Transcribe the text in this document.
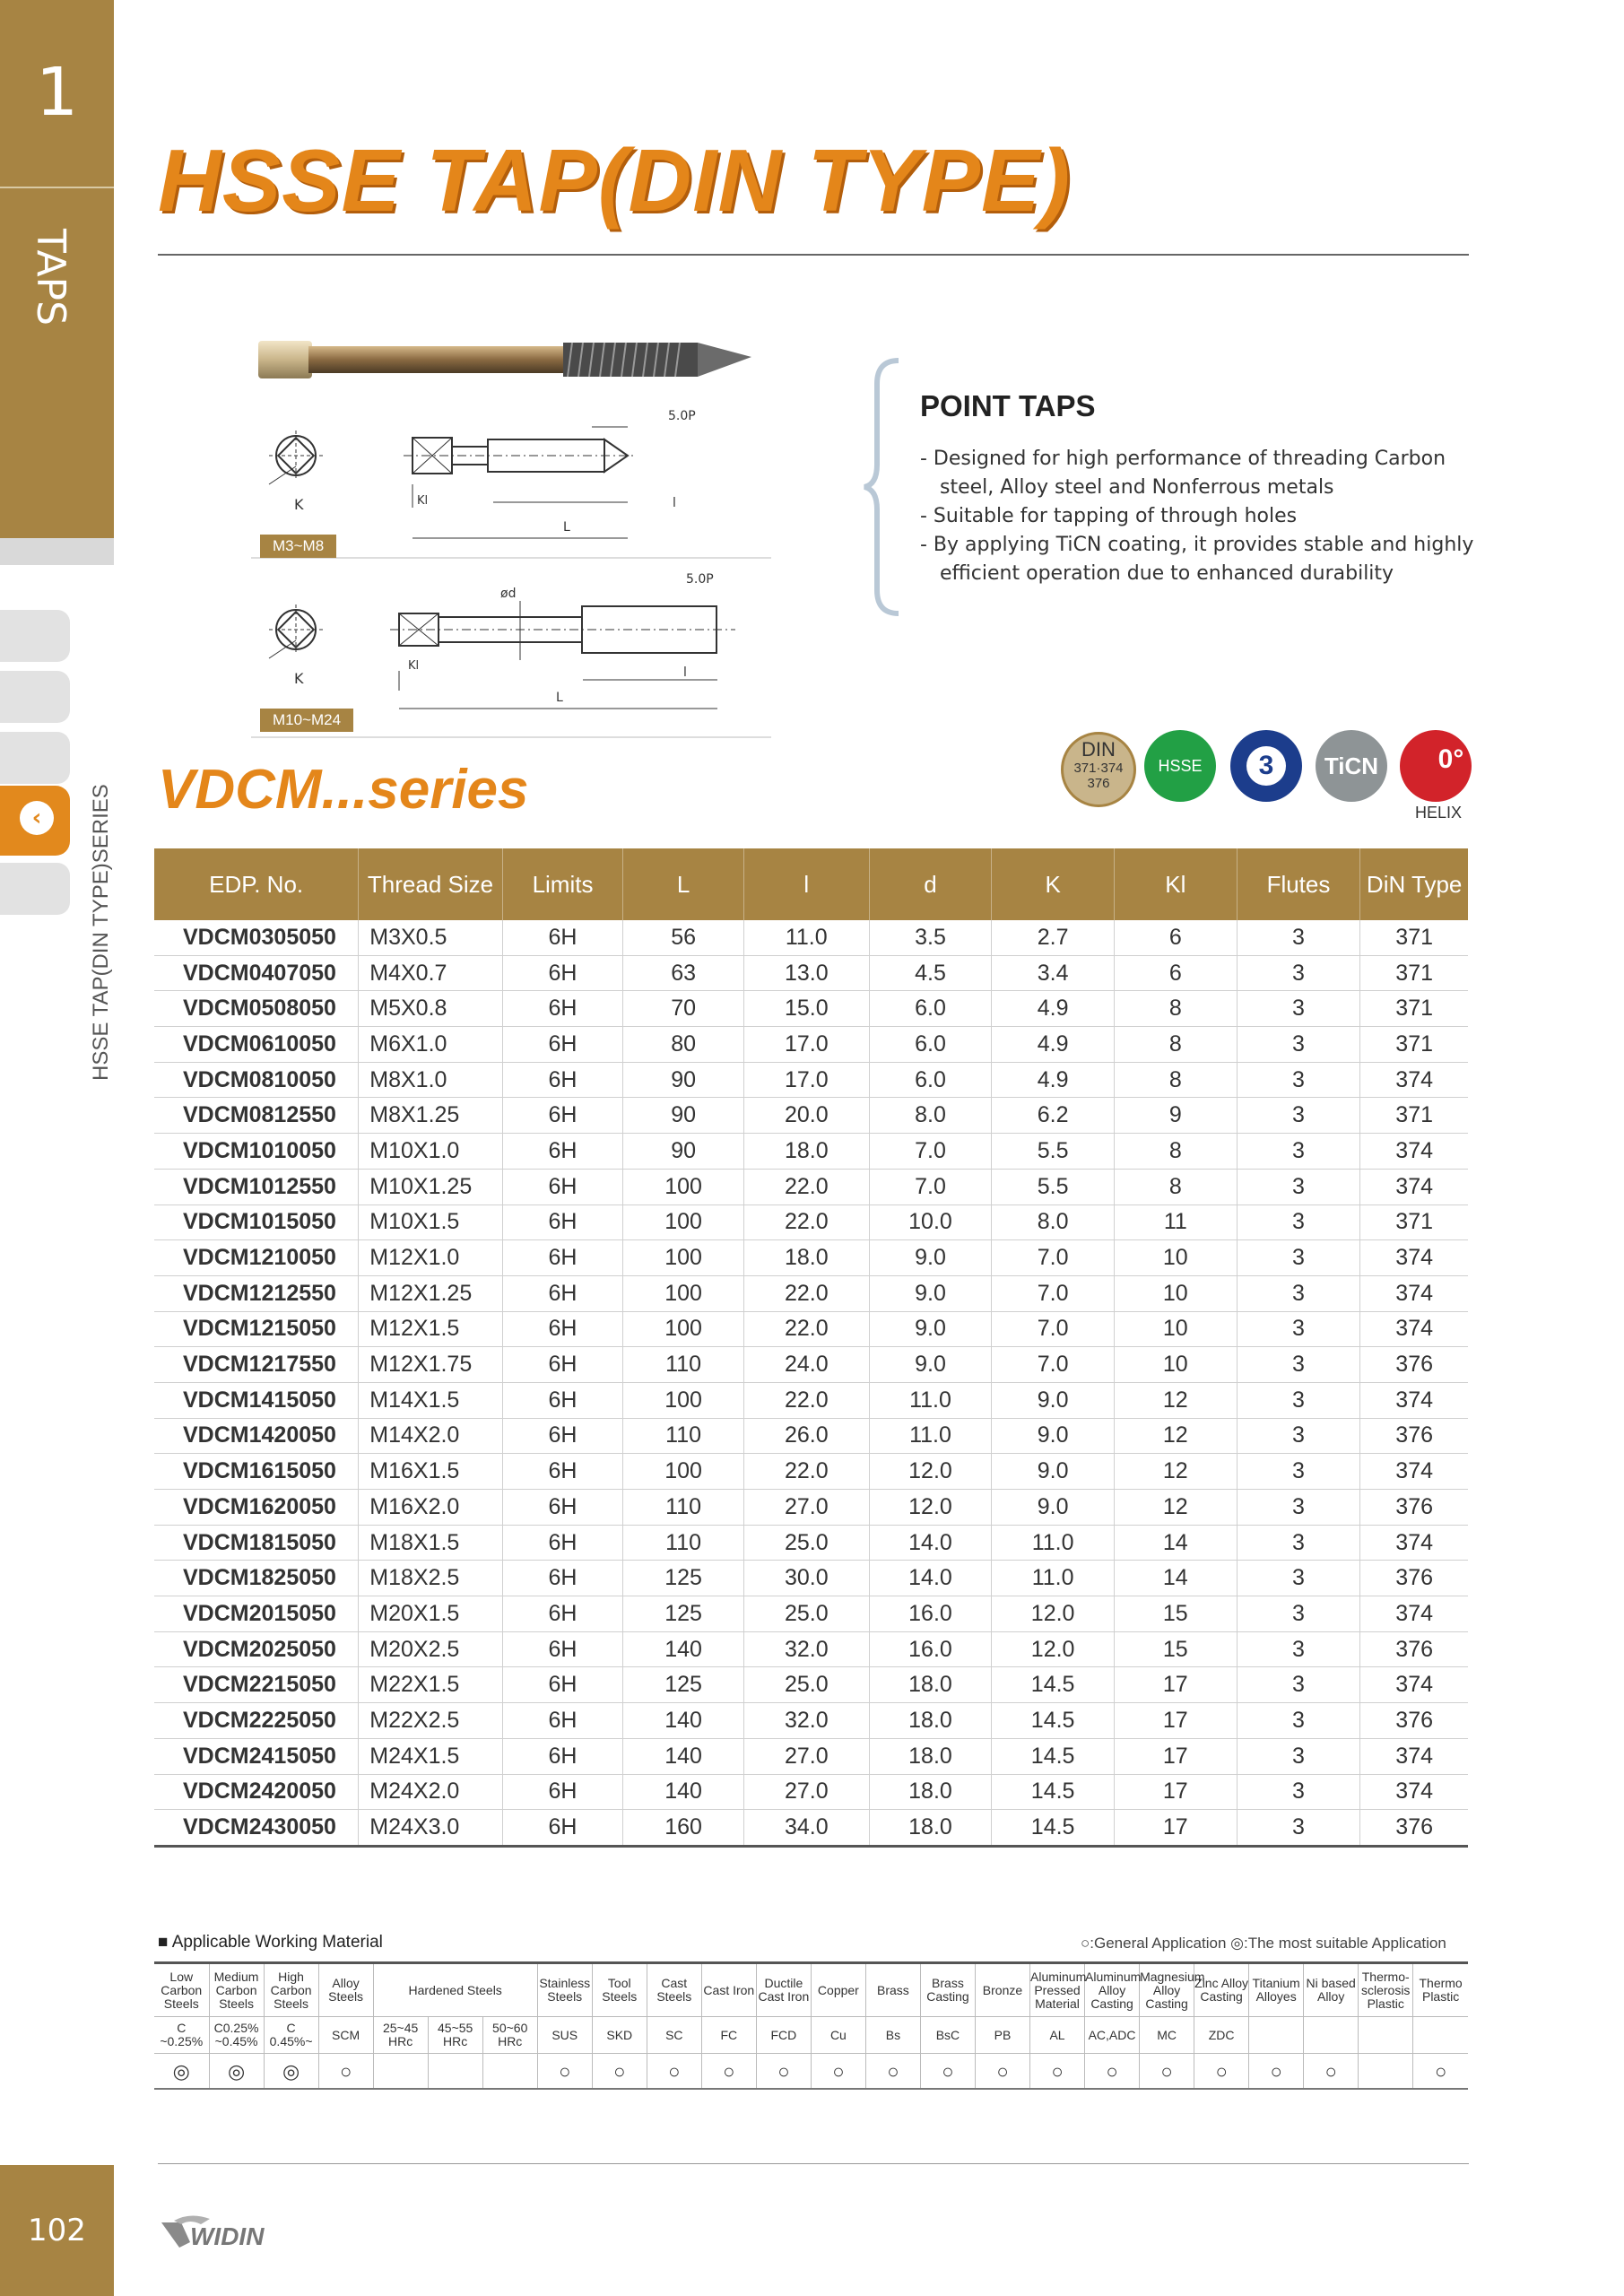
1
TAPS
‹	HSSE TAP(DIN TYPE)SERIES
102
HSSE TAP(DIN TYPE)
K
5.0P
Kl	l
L
M3~M8
K
ød
5.0P
Kl	l
L
M10~M24
POINT TAPS
- Designed for high performance of threading Carbon steel, Alloy steel and Nonferrous metals
- Suitable for tapping of through holes
- By applying TiCN coating, it provides stable and highly efficient operation due to enhanced durability
DIN
371·374
376
HSSE	3	TiCN	0°
HELIX
VDCM...series
EDP. No.	Thread Size	Limits	L	l	d	K	Kl	Flutes	DiN Type
VDCM0305050	M3X0.5	6H	56	11.0	3.5	2.7	6	3	371
VDCM0407050	M4X0.7	6H	63	13.0	4.5	3.4	6	3	371
VDCM0508050	M5X0.8	6H	70	15.0	6.0	4.9	8	3	371
VDCM0610050	M6X1.0	6H	80	17.0	6.0	4.9	8	3	371
VDCM0810050	M8X1.0	6H	90	17.0	6.0	4.9	8	3	374
VDCM0812550	M8X1.25	6H	90	20.0	8.0	6.2	9	3	371
VDCM1010050	M10X1.0	6H	90	18.0	7.0	5.5	8	3	374
VDCM1012550	M10X1.25	6H	100	22.0	7.0	5.5	8	3	374
VDCM1015050	M10X1.5	6H	100	22.0	10.0	8.0	11	3	371
VDCM1210050	M12X1.0	6H	100	18.0	9.0	7.0	10	3	374
VDCM1212550	M12X1.25	6H	100	22.0	9.0	7.0	10	3	374
VDCM1215050	M12X1.5	6H	100	22.0	9.0	7.0	10	3	374
VDCM1217550	M12X1.75	6H	110	24.0	9.0	7.0	10	3	376
VDCM1415050	M14X1.5	6H	100	22.0	11.0	9.0	12	3	374
VDCM1420050	M14X2.0	6H	110	26.0	11.0	9.0	12	3	376
VDCM1615050	M16X1.5	6H	100	22.0	12.0	9.0	12	3	374
VDCM1620050	M16X2.0	6H	110	27.0	12.0	9.0	12	3	376
VDCM1815050	M18X1.5	6H	110	25.0	14.0	11.0	14	3	374
VDCM1825050	M18X2.5	6H	125	30.0	14.0	11.0	14	3	376
VDCM2015050	M20X1.5	6H	125	25.0	16.0	12.0	15	3	374
VDCM2025050	M20X2.5	6H	140	32.0	16.0	12.0	15	3	376
VDCM2215050	M22X1.5	6H	125	25.0	18.0	14.5	17	3	374
VDCM2225050	M22X2.5	6H	140	32.0	18.0	14.5	17	3	376
VDCM2415050	M24X1.5	6H	140	27.0	18.0	14.5	17	3	374
VDCM2420050	M24X2.0	6H	140	27.0	18.0	14.5	17	3	374
VDCM2430050	M24X3.0	6H	160	34.0	18.0	14.5	17	3	376
■ Applicable Working Material	○:General Application ◎:The most suitable Application
Low Carbon Steels	Medium Carbon Steels	High Carbon Steels	Alloy Steels	Hardened Steels			Stainless Steels	Tool Steels	Cast Steels	Cast Iron	Ductile Cast Iron	Copper	Brass	Brass Casting	Bronze	Aluminum Pressed Material	Aluminum Alloy Casting	Magnesium Alloy Casting	Zinc Alloy Casting	Titanium Alloyes	Ni based Alloy	Thermo-sclerosis Plastic	Thermo Plastic
C ~0.25%	C0.25% ~0.45%	C 0.45%~	SCM	25~45 HRc	45~55 HRc	50~60 HRc	SUS	SKD	SC	FC	FCD	Cu	Bs	BsC	PB	AL	AC,ADC	MC	ZDC				
◎	◎	◎	○				○	○	○	○	○	○	○	○	○	○	○	○	○	○	○		○
WIDIN
